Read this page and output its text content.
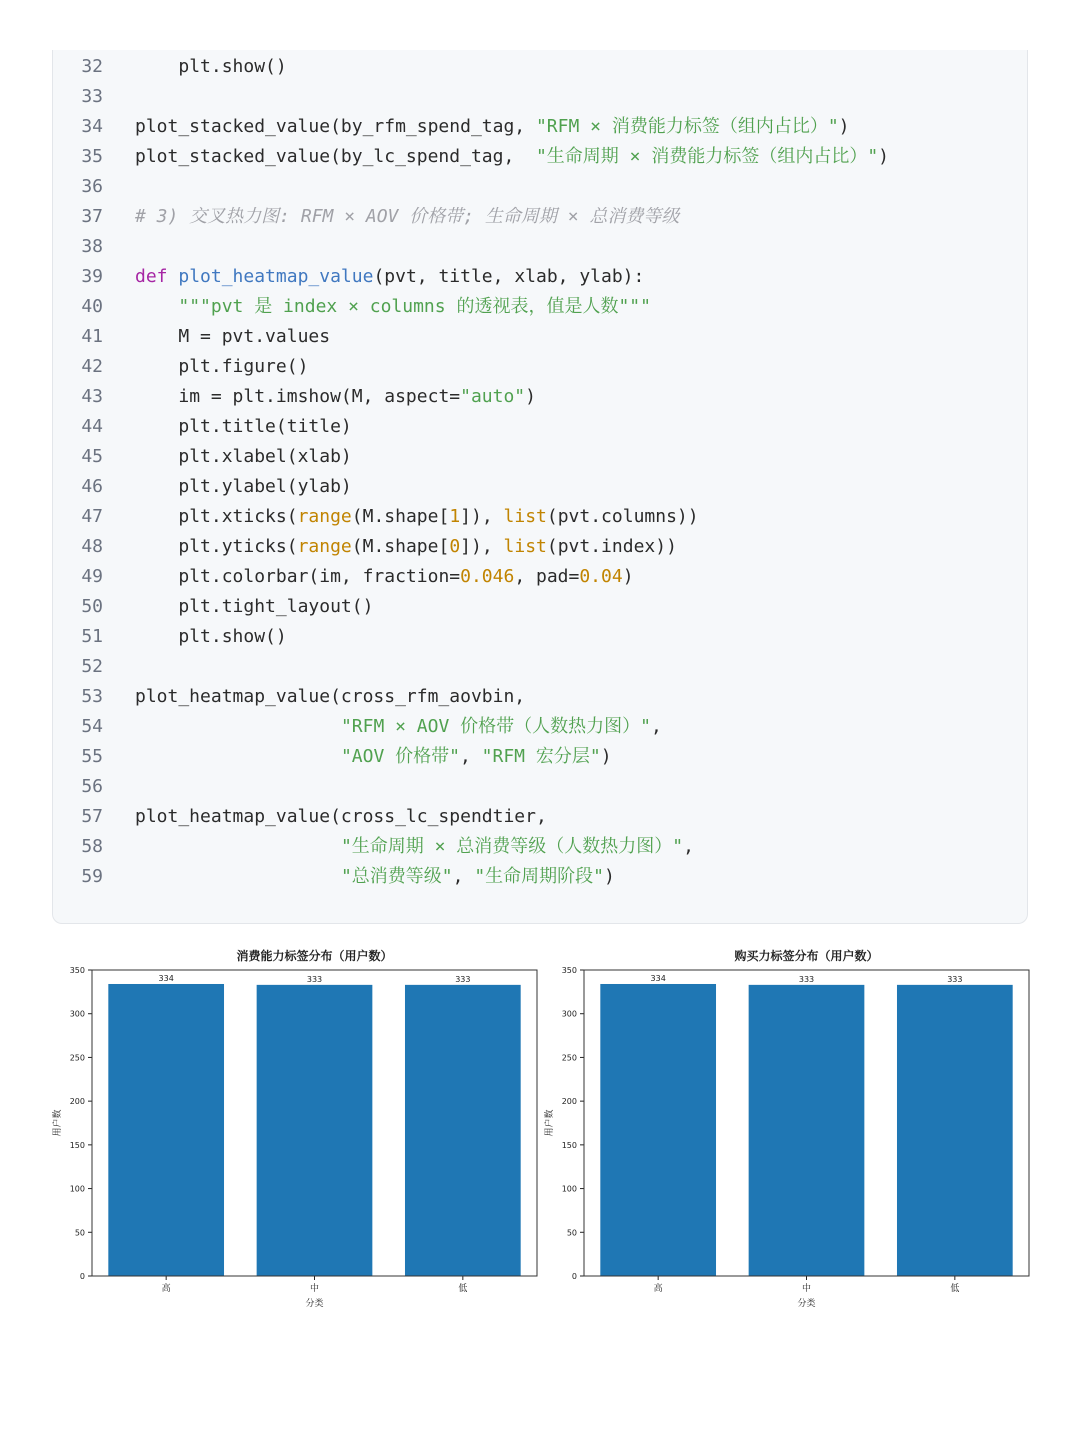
32	plt.show()
33
34 plot_stacked_value(by_rfm_spend_tag, "RFM × 消费能力标签（组内占比）")
35 plot_stacked_value(by_lc_spend_tag,  "生命周期 × 消费能力标签（组内占比）")
36
37 # 3) 交叉热力图: RFM × AOV 价格带; 生命周期 × 总消费等级
38
39 def plot_heatmap_value(pvt, title, xlab, ylab):
40	"""pvt 是 index × columns 的透视表，值是人数"""
41	M = pvt.values
42	plt.figure()
43	im = plt.imshow(M, aspect="auto")
44	plt.title(title)
45	plt.xlabel(xlab)
46	plt.ylabel(ylab)
47	plt.xticks(range(M.shape[1]), list(pvt.columns))
48	plt.yticks(range(M.shape[0]), list(pvt.index))
49	plt.colorbar(im, fraction=0.046, pad=0.04)
50	plt.tight_layout()
51	plt.show()
52
53 plot_heatmap_value(cross_rfm_aovbin,
54	"RFM × AOV 价格带（人数热力图）",
55	"AOV 价格带", "RFM 宏分层")
56
57 plot_heatmap_value(cross_lc_spendtier,
58	"生命周期 × 总消费等级（人数热力图）",
59	"总消费等级", "生命周期阶段")
消费能力标签分布（用户数）
334
高
333
中
333
低
0
50
100
150
200
250
300
350
分类
用户数
购买力标签分布（用户数）
334
高
333
中
333
低
0
50
100
150
200
250
300
350
分类
用户数
